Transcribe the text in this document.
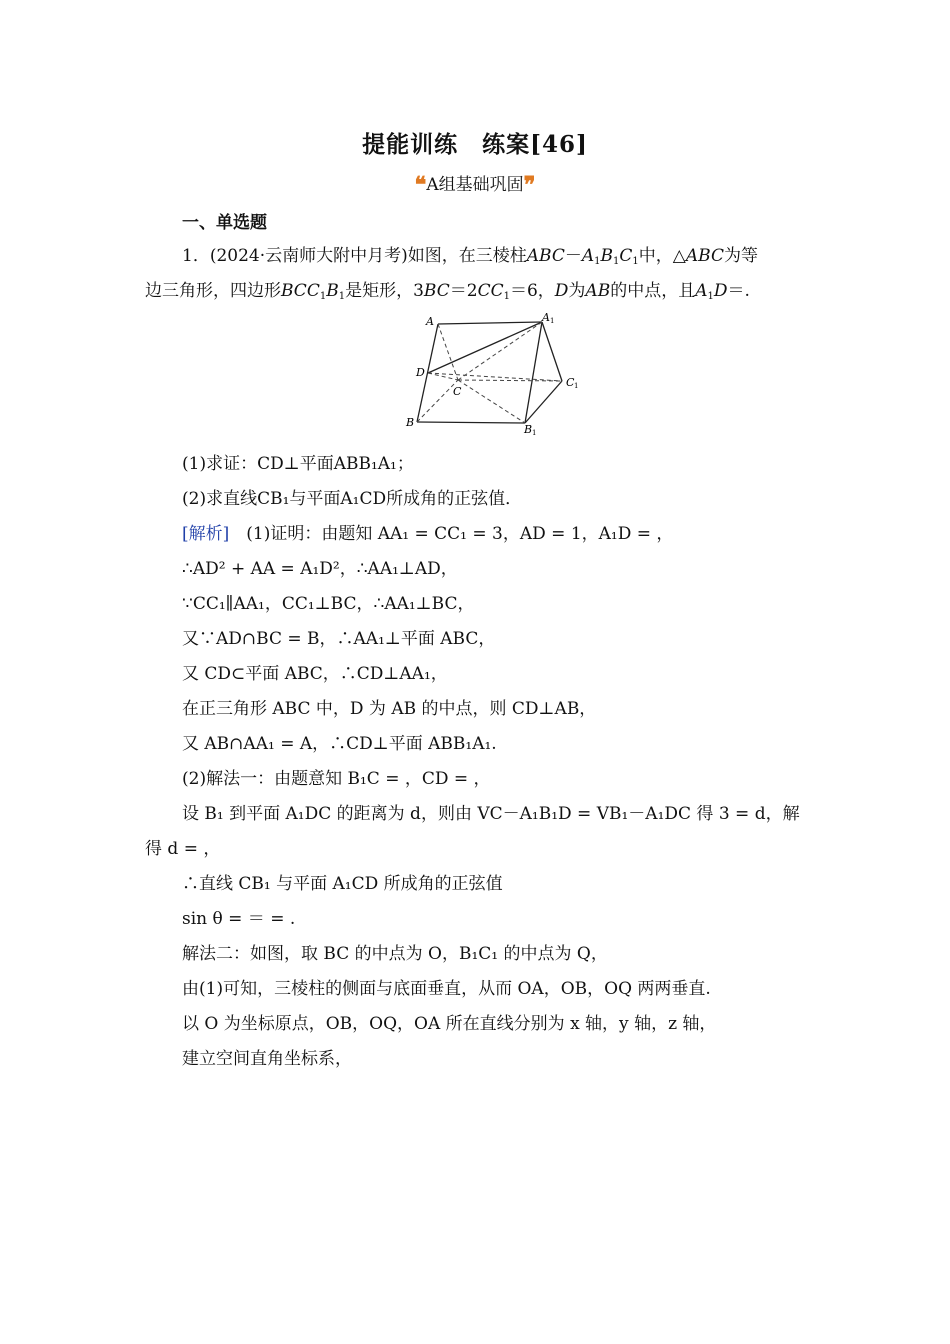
提能训练　练案[46]
❝A组基础巩固❞
一、单选题
1．(2024·云南师大附中月考)如图，在三棱柱$ABC-A_1B_1C_1$中，△ABC为等
边三角形，四边形$BCC_1B_1$是矩形，$3BC=2CC_1=6$，D为AB的中点，且$A_1D=$.
A	A 1
D
C
C 1
B
B 1
(1)求证：CD⊥平面ABB₁A₁；
(2)求直线CB₁与平面A₁CD所成角的正弦值．
[解析]　 (1)证明：由题知 AA₁ = CC₁ = 3，AD = 1，A₁D = ，
∴AD² + AA = A₁D²，∴AA₁⊥AD，
∵CC₁∥AA₁，CC₁⊥BC，∴AA₁⊥BC，
又∵AD∩BC = B，∴AA₁⊥平面 ABC，
又 CD⊂平面 ABC，∴CD⊥AA₁，
在正三角形 ABC 中，D 为 AB 的中点，则 CD⊥AB，
又 AB∩AA₁ = A，∴CD⊥平面 ABB₁A₁.
(2)解法一：由题意知 B₁C = ，CD = ，
设 B₁ 到平面 A₁DC 的距离为 d，则由 VC－A₁B₁D = VB₁－A₁DC 得 3 = d，解
得 d = ，
∴直线 CB₁ 与平面 A₁CD 所成角的正弦值
sin θ = ＝ = .
解法二：如图，取 BC 的中点为 O，B₁C₁ 的中点为 Q，
由(1)可知，三棱柱的侧面与底面垂直，从而 OA，OB，OQ 两两垂直.
以 O 为坐标原点，OB，OQ，OA 所在直线分别为 x 轴，y 轴，z 轴，
建立空间直角坐标系，
